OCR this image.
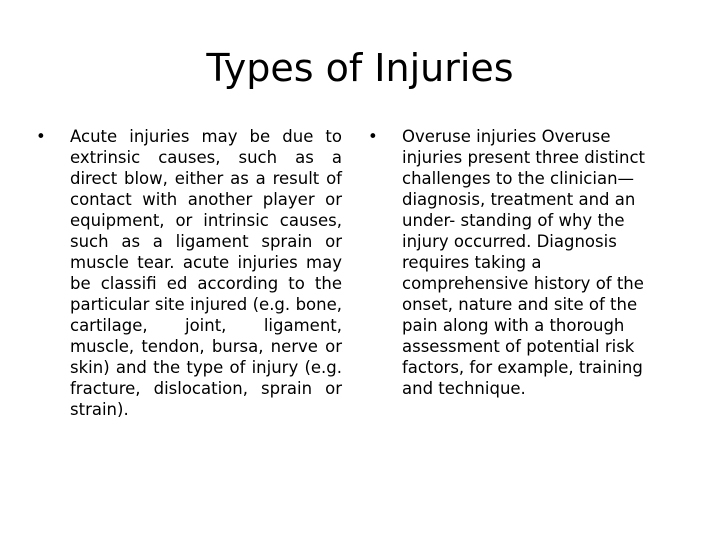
Types of Injuries
•	Acute injuries may be due to extrinsic causes, such as a direct blow, either as a result of contact with another player or equipment, or intrinsic causes, such as a ligament sprain or muscle tear. acute injuries may be classifi ed according to the particular site injured (e.g. bone, cartilage, joint, ligament, muscle, tendon, bursa, nerve or skin) and the type of injury (e.g. fracture, dislocation, sprain or strain).

•	Overuse injuries Overuse injuries present three distinct challenges to the clinician—diagnosis, treatment and an under- standing of why the injury occurred. Diagnosis requires taking a comprehensive history of the onset, nature and site of the pain along with a thorough assessment of potential risk factors, for example, training and technique.
